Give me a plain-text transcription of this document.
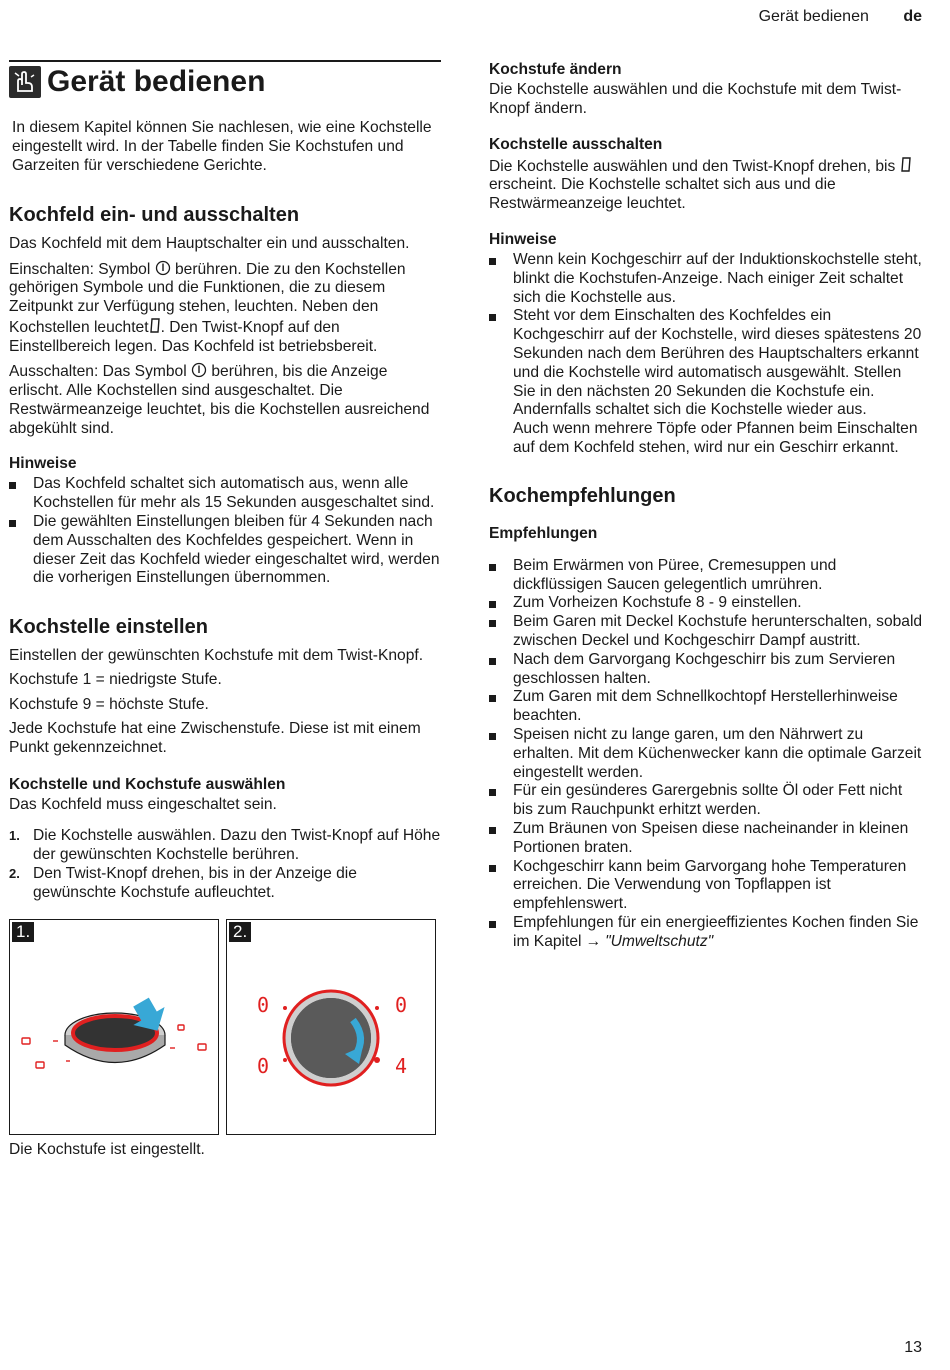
Gerät bedienen de
Gerät bedienen

In diesem Kapitel können Sie nachlesen, wie eine Kochstelle eingestellt wird. In der Tabelle finden Sie Kochstufen und Garzeiten für verschiedene Gerichte.

Kochfeld ein- und ausschalten

Das Kochfeld mit dem Hauptschalter ein und ausschalten.

Einschalten: Symbol berühren. Die zu den Kochstellen gehörigen Symbole und die Funktionen, die zu diesem Zeitpunkt zur Verfügung stehen, leuchten. Neben den Kochstellen leuchtet . Den Twist-Knopf auf den Einstellbereich legen. Das Kochfeld ist betriebsbereit.

Ausschalten: Das Symbol berühren, bis die Anzeige erlischt. Alle Kochstellen sind ausgeschaltet. Die Restwärmeanzeige leuchtet, bis die Kochstellen ausreichend abgekühlt sind.

Hinweise
Das Kochfeld schaltet sich automatisch aus, wenn alle Kochstellen für mehr als 15 Sekunden ausgeschaltet sind.
Die gewählten Einstellungen bleiben für 4 Sekunden nach dem Ausschalten des Kochfeldes gespeichert. Wenn in dieser Zeit das Kochfeld wieder eingeschaltet wird, werden die vorherigen Einstellungen übernommen.
Kochstelle einstellen

Einstellen der gewünschten Kochstufe mit dem Twist-Knopf.

Kochstufe 1 = niedrigste Stufe.

Kochstufe 9 = höchste Stufe.

Jede Kochstufe hat eine Zwischenstufe. Diese ist mit einem Punkt gekennzeichnet.

Kochstelle und Kochstufe auswählen

Das Kochfeld muss eingeschaltet sein.

1. Die Kochstelle auswählen. Dazu den Twist-Knopf auf Höhe der gewünschten Kochstelle berühren.
2. Den Twist-Knopf drehen, bis in der Anzeige die gewünschte Kochstufe aufleuchtet.
1.
0	0
0	4
2.

Die Kochstufe ist eingestellt.

Kochstufe ändern

Die Kochstelle auswählen und die Kochstufe mit dem Twist-Knopf ändern.

Kochstelle ausschalten

Die Kochstelle auswählen und den Twist-Knopf drehen, bis  erscheint. Die Kochstelle schaltet sich aus und die Restwärmeanzeige leuchtet.

Hinweise
Wenn kein Kochgeschirr auf der Induktionskochstelle steht, blinkt die Kochstufen-Anzeige. Nach einiger Zeit schaltet sich die Kochstelle aus.
Steht vor dem Einschalten des Kochfeldes ein Kochgeschirr auf der Kochstelle, wird dieses spätestens 20 Sekunden nach dem Berühren des Hauptschalters erkannt und die Kochstelle wird automatisch ausgewählt. Stellen Sie in den nächsten 20 Sekunden die Kochstufe ein. Andernfalls schaltet sich die Kochstelle wieder aus.
Auch wenn mehrere Töpfe oder Pfannen beim Einschalten auf dem Kochfeld stehen, wird nur ein Geschirr erkannt.
Kochempfehlungen
Empfehlungen
Beim Erwärmen von Püree, Cremesuppen und dickflüssigen Saucen gelegentlich umrühren.
Zum Vorheizen Kochstufe 8 - 9 einstellen.
Beim Garen mit Deckel Kochstufe herunterschalten, sobald zwischen Deckel und Kochgeschirr Dampf austritt.
Nach dem Garvorgang Kochgeschirr bis zum Servieren geschlossen halten.
Zum Garen mit dem Schnellkochtopf Herstellerhinweise beachten.
Speisen nicht zu lange garen, um den Nährwert zu erhalten. Mit dem Küchenwecker kann die optimale Garzeit eingestellt werden.
Für ein gesünderes Garergebnis sollte Öl oder Fett nicht bis zum Rauchpunkt erhitzt werden.
Zum Bräunen von Speisen diese nacheinander in kleinen Portionen braten.
Kochgeschirr kann beim Garvorgang hohe Temperaturen erreichen. Die Verwendung von Topflappen ist empfehlenswert.
Empfehlungen für ein energieeffizientes Kochen finden Sie im Kapitel → "Umweltschutz"
13
